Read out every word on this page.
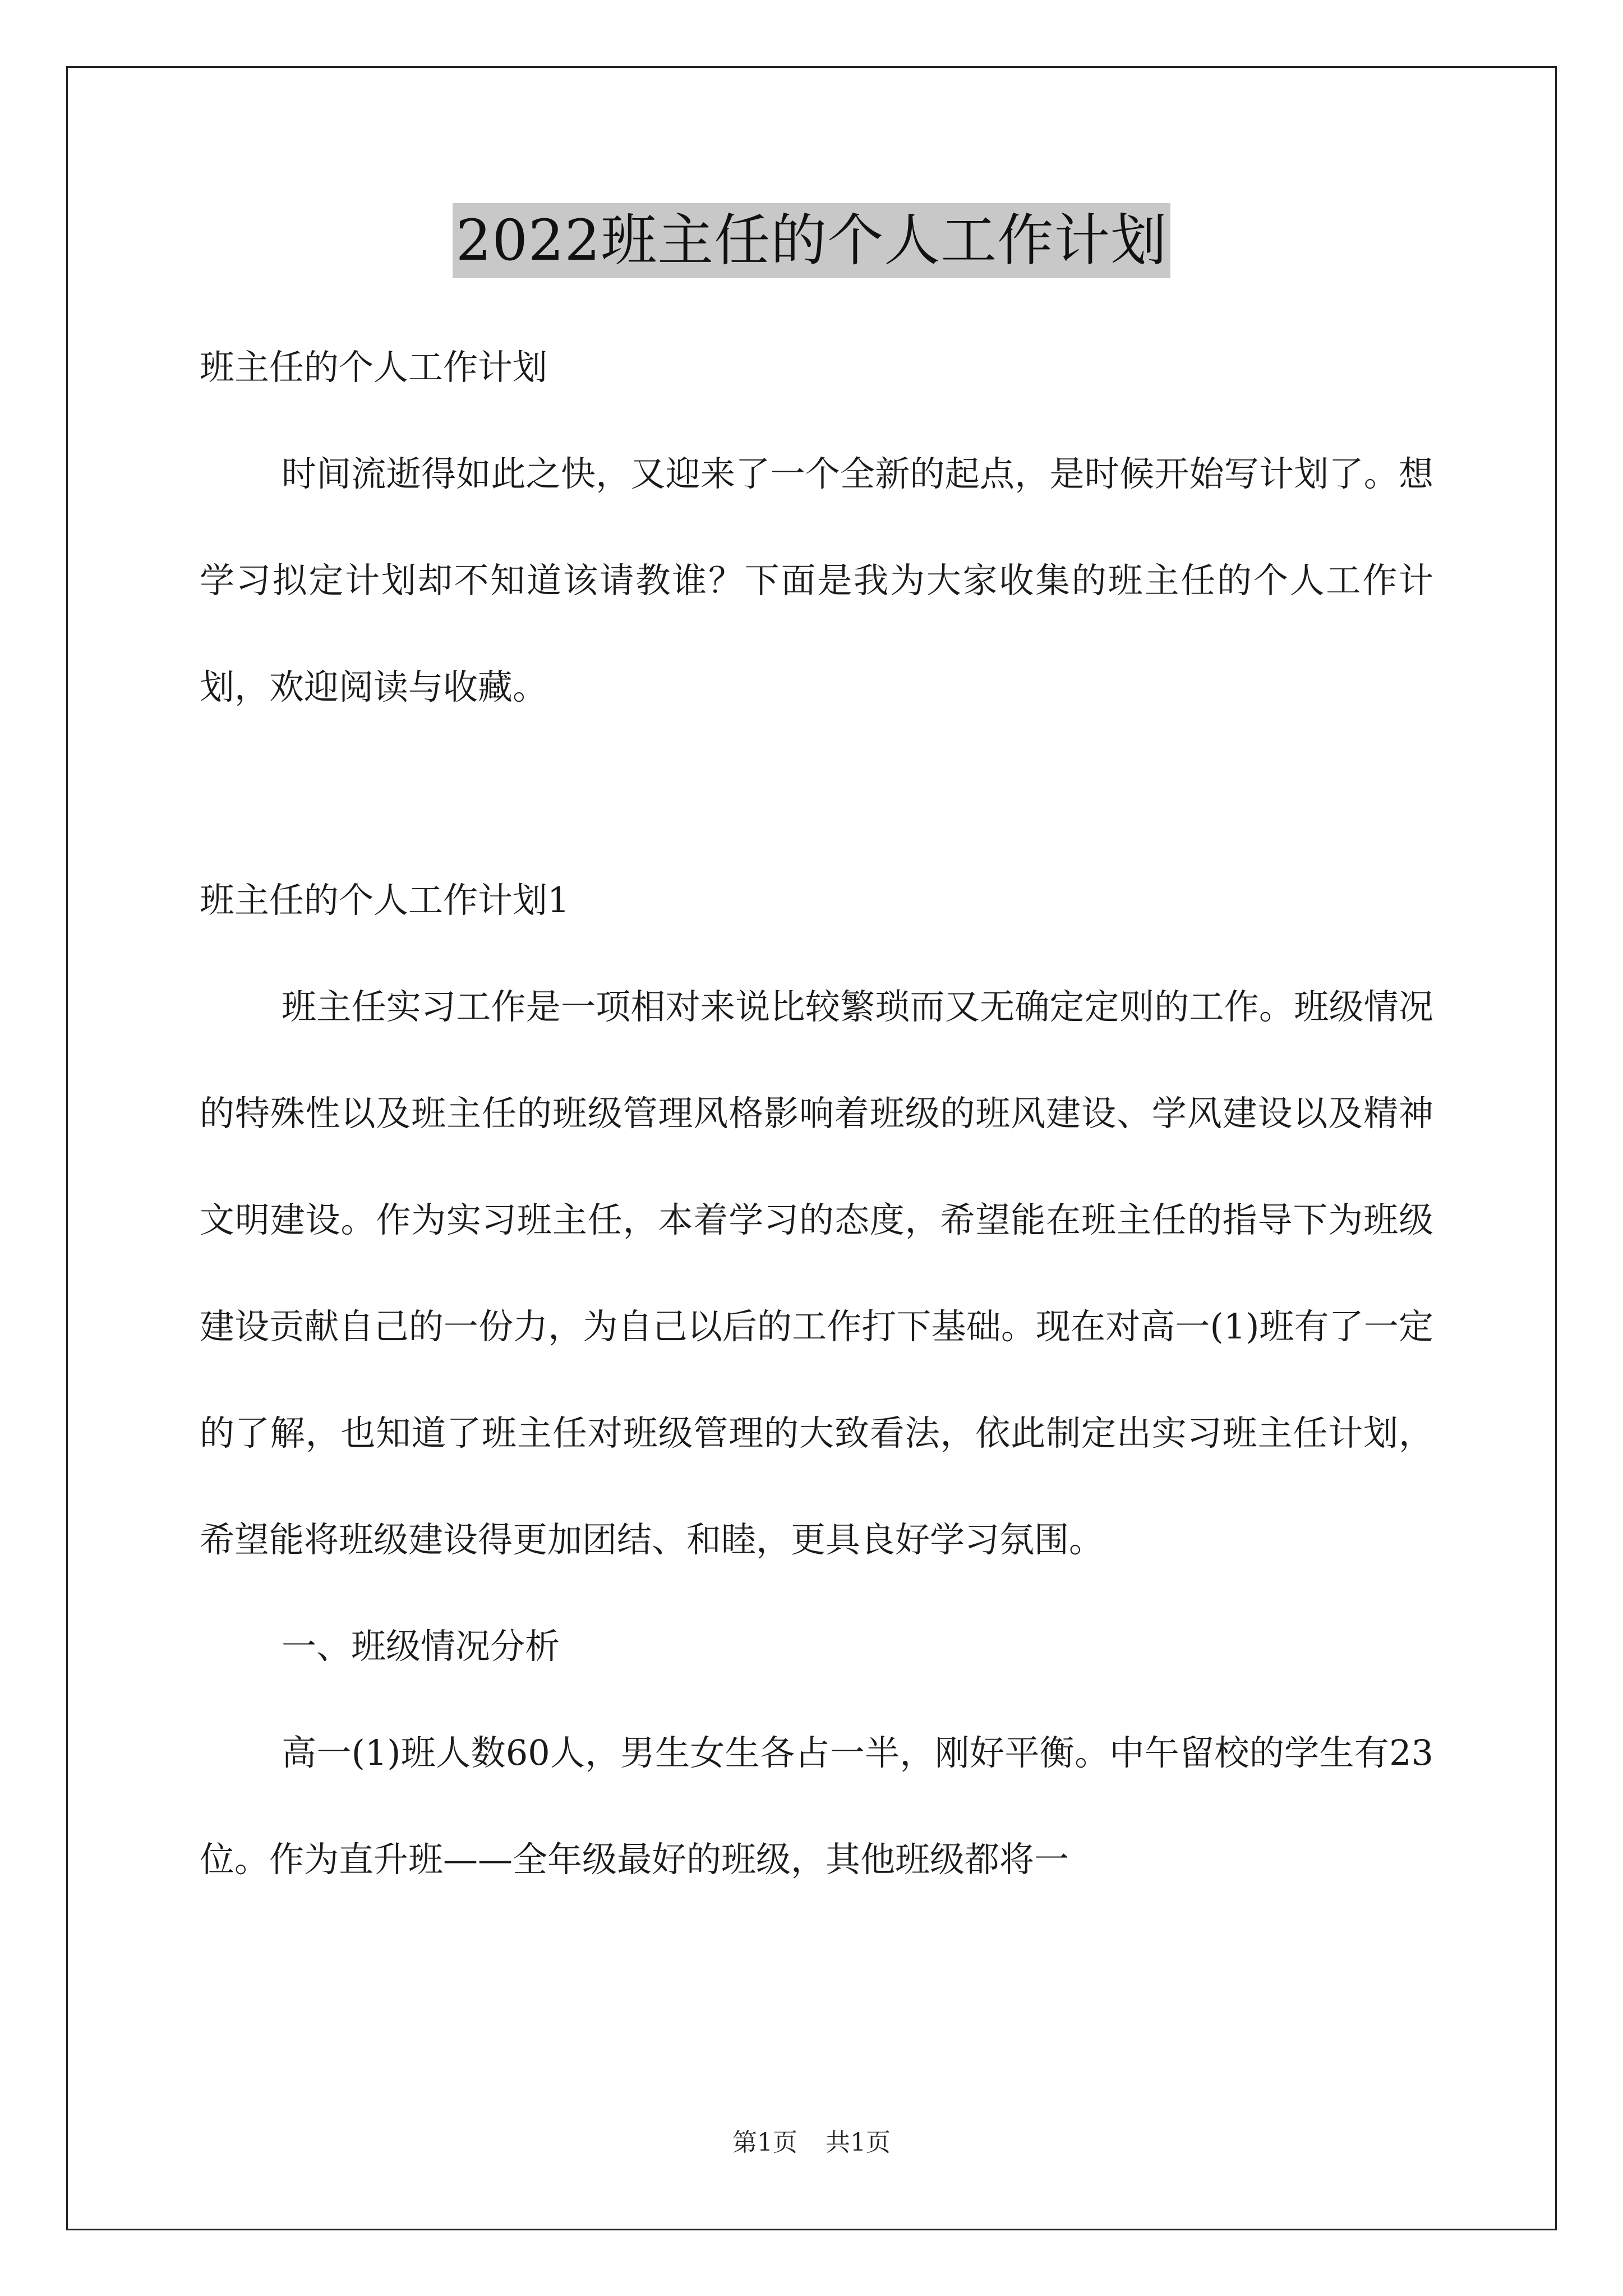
2022班主任的个人工作计划

班主任的个人工作计划

时间流逝得如此之快，又迎来了一个全新的起点，是时候开始写计划了。想学习拟定计划却不知道该请教谁？下面是我为大家收集的班主任的个人工作计划，欢迎阅读与收藏。

班主任的个人工作计划1

班主任实习工作是一项相对来说比较繁琐而又无确定定则的工作。班级情况的特殊性以及班主任的班级管理风格影响着班级的班风建设、学风建设以及精神文明建设。作为实习班主任，本着学习的态度，希望能在班主任的指导下为班级建设贡献自己的一份力，为自己以后的工作打下基础。现在对高一(1)班有了一定的了解，也知道了班主任对班级管理的大致看法，依此制定出实习班主任计划，希望能将班级建设得更加团结、和睦，更具良好学习氛围。

一、班级情况分析

高一(1)班人数60人，男生女生各占一半，刚好平衡。中午留校的学生有23位。作为直升班——全年级最好的班级，其他班级都将一

第1页 共1页
